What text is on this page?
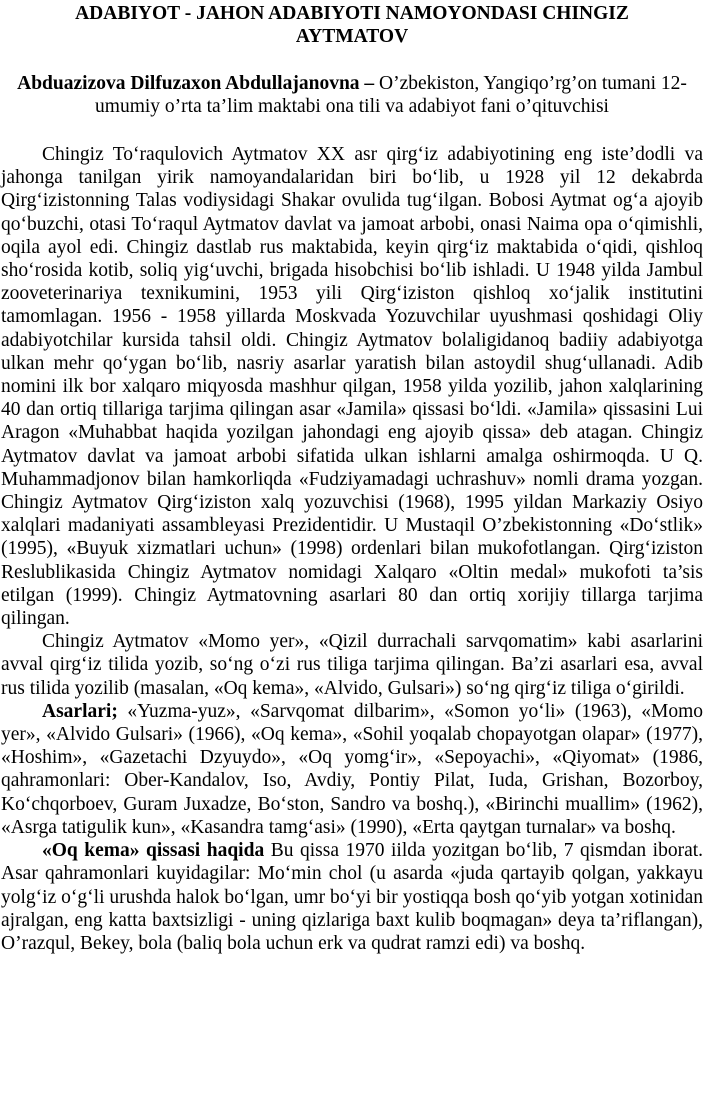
ADABIYOT - JAHON ADABIYOTI NAMOYONDASI CHINGIZ AYTMATOV
Abduazizova Dilfuzaxon Abdullajanovna – O’zbekiston, Yangiqo’rg’on tumani 12-umumiy o’rta ta’lim maktabi ona tili va adabiyot fani o’qituvchisi

Chingiz To‘raqulovich Aytmatov XX asr qirg‘iz adabiyotining eng iste’dodli va jahonga tanilgan yirik namoyandalaridan biri bo‘lib, u 1928 yil 12 dekabrda Qirg‘izistonning Talas vodiysidagi Shakar ovulida tug‘ilgan. Bobosi Aytmat og‘a ajoyib qo‘buzchi, otasi To‘raqul Aytmatov davlat va jamoat arbobi, onasi Naima opa o‘qimishli, oqila ayol edi. Chingiz dastlab rus maktabida, keyin qirg‘iz maktabida o‘qidi, qishloq sho‘rosida kotib, soliq yig‘uvchi, brigada hisobchisi bo‘lib ishladi. U 1948 yilda Jambul zooveterinariya texnikumini, 1953 yili Qirg‘iziston qishloq xo‘jalik institutini tamomlagan. 1956 - 1958 yillarda Moskvada Yozuvchilar uyushmasi qoshidagi Oliy adabiyotchilar kursida tahsil oldi. Chingiz Aytmatov bolaligidanoq badiiy adabiyotga ulkan mehr qo‘ygan bo‘lib, nasriy asarlar yaratish bilan astoydil shug‘ullanadi. Adib nomini ilk bor xalqaro miqyosda mashhur qilgan, 1958 yilda yozilib, jahon xalqlarining 40 dan ortiq tillariga tarjima qilingan asar «Jamila» qissasi bo‘ldi. «Jamila» qissasini Lui Aragon «Muhabbat haqida yozilgan jahondagi eng ajoyib qissa» deb atagan. Chingiz Aytmatov davlat va jamoat arbobi sifatida ulkan ishlarni amalga oshirmoqda. U Q. Muhammadjonov bilan hamkorliqda «Fudziyamadagi uchrashuv» nomli drama yozgan. Chingiz Aytmatov Qirg‘iziston xalq yozuvchisi (1968), 1995 yildan Markaziy Osiyo xalqlari madaniyati assambleyasi Prezidentidir. U Mustaqil O’zbekistonning «Do‘stlik» (1995), «Buyuk xizmatlari uchun» (1998) ordenlari bilan mukofotlangan. Qirg‘iziston Reslublikasida Chingiz Aytmatov nomidagi Xalqaro «Oltin medal» mukofoti ta’sis etilgan (1999). Chingiz Aytmatovning asarlari 80 dan ortiq xorijiy tillarga tarjima qilingan.

Chingiz Aytmatov «Momo yer», «Qizil durrachali sarvqomatim» kabi asarlarini avval qirg‘iz tilida yozib, so‘ng o‘zi rus tiliga tarjima qilingan. Ba’zi asarlari esa, avval rus tilida yozilib (masalan, «Oq kema», «Alvido, Gulsari») so‘ng qirg‘iz tiliga o‘girildi.

Asarlari; «Yuzma-yuz», «Sarvqomat dilbarim», «Somon yo‘li» (1963), «Momo yer», «Alvido Gulsari» (1966), «Oq kema», «Sohil yoqalab chopayotgan olapar» (1977), «Hoshim», «Gazetachi Dzyuydo», «Oq yomg‘ir», «Sepoyachi», «Qiyomat» (1986, qahramonlari: Ober-Kandalov, Iso, Avdiy, Pontiy Pilat, Iuda, Grishan, Bozorboy, Ko‘chqorboev, Guram Juxadze, Bo‘ston, Sandro va boshq.), «Birinchi muallim» (1962), «Asrga tatigulik kun», «Kasandra tamg‘asi» (1990), «Erta qaytgan turnalar» va boshq.

«Oq kema» qissasi haqida Bu qissa 1970 iilda yozitgan bo‘lib, 7 qismdan iborat. Asar qahramonlari kuyidagilar: Mo‘min chol (u asarda «juda qartayib qolgan, yakkayu yolg‘iz o‘g‘li urushda halok bo‘lgan, umr bo‘yi bir yostiqqa bosh qo‘yib yotgan xotinidan ajralgan, eng katta baxtsizligi - uning qizlariga baxt kulib boqmagan» deya ta’riflangan), O’razqul, Bekey, bola (baliq bola uchun erk va qudrat ramzi edi) va boshq.
